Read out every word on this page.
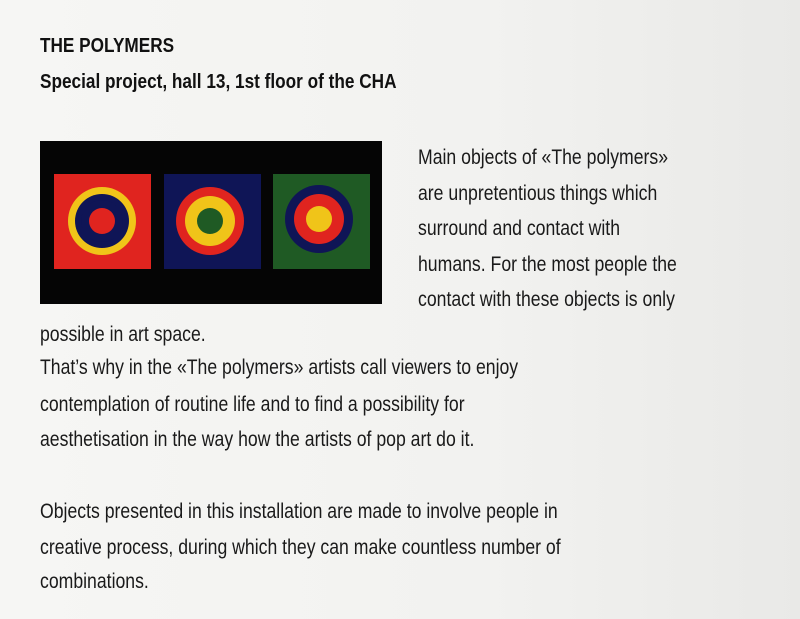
THE POLYMERS
Special project, hall 13, 1st floor of the CHA
Main objects of «The polymers»
are unpretentious things which
surround and contact with
humans. For the most people the
contact with these objects is only
possible in art space.
That’s why in the «The polymers» artists call viewers to enjoy
contemplation of routine life and to find a possibility for
aesthetisation in the way how the artists of pop art do it.
Objects presented in this installation are made to involve people in
creative process, during which they can make countless number of
combinations.
